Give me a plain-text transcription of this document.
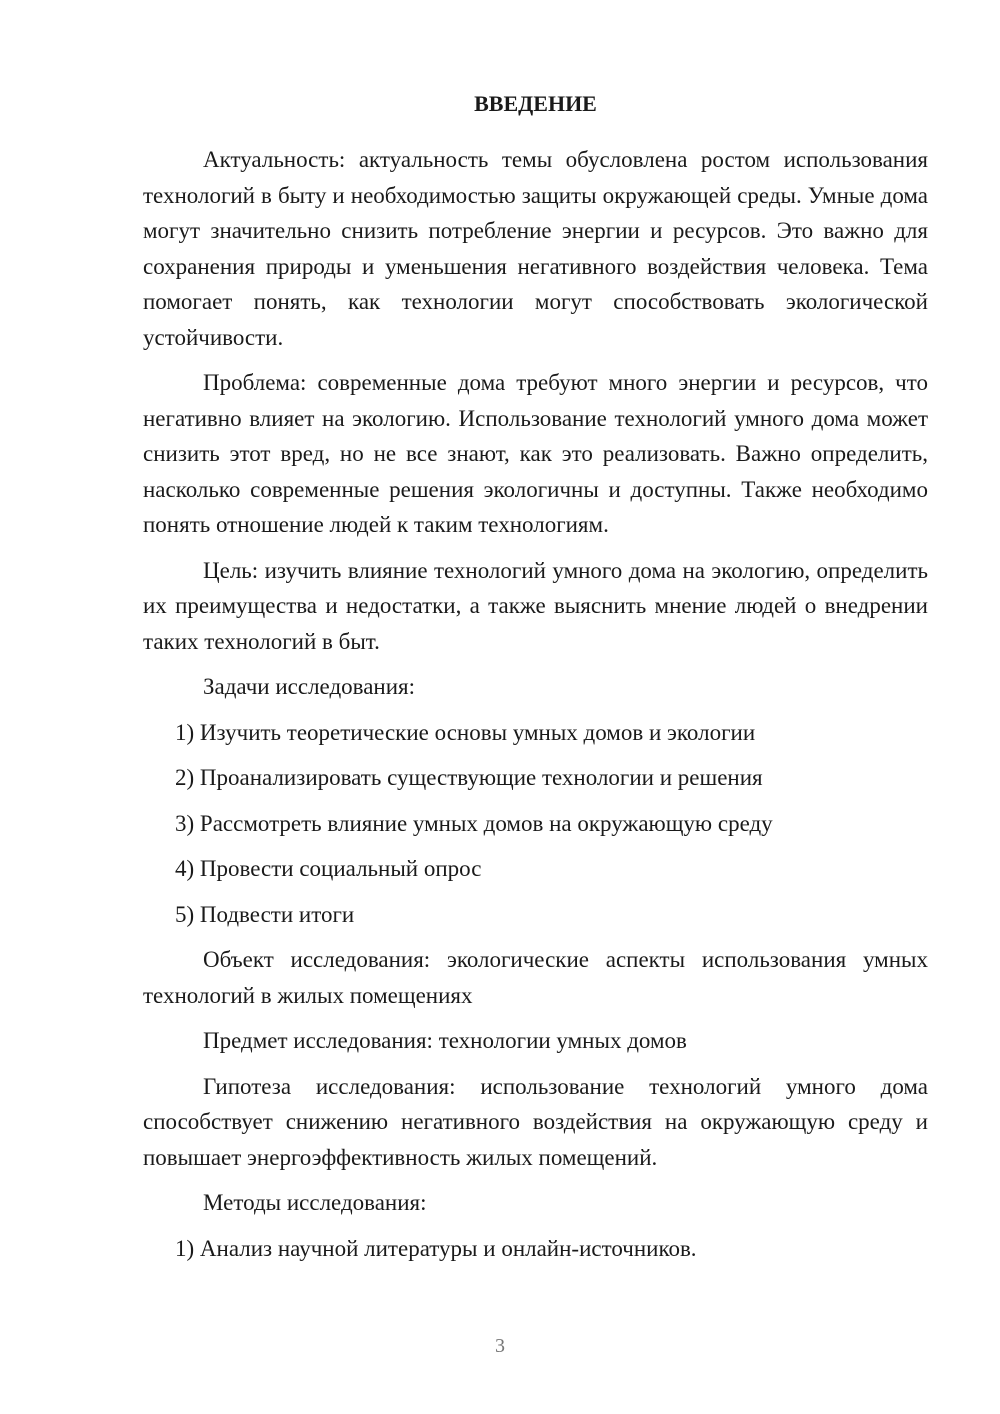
ВВЕДЕНИЕ

Актуальность: актуальность темы обусловлена ростом использования технологий в быту и необходимостью защиты окружающей среды. Умные дома могут значительно снизить потребление энергии и ресурсов. Это важно для сохранения природы и уменьшения негативного воздействия человека. Тема помогает понять, как технологии могут способствовать экологической устойчивости.

Проблема: современные дома требуют много энергии и ресурсов, что негативно влияет на экологию. Использование технологий умного дома может снизить этот вред, но не все знают, как это реализовать. Важно определить, насколько современные решения экологичны и доступны. Также необходимо понять отношение людей к таким технологиям.

Цель: изучить влияние технологий умного дома на экологию, определить их преимущества и недостатки, а также выяснить мнение людей о внедрении таких технологий в быт.

Задачи исследования:

1) Изучить теоретические основы умных домов и экологии
2) Проанализировать существующие технологии и решения
3) Рассмотреть влияние умных домов на окружающую среду
4) Провести социальный опрос
5) Подвести итоги

Объект исследования: экологические аспекты использования умных технологий в жилых помещениях

Предмет исследования: технологии умных домов

Гипотеза исследования: использование технологий умного дома способствует снижению негативного воздействия на окружающую среду и повышает энергоэффективность жилых помещений.

Методы исследования:

1) Анализ научной литературы и онлайн-источников.
3
